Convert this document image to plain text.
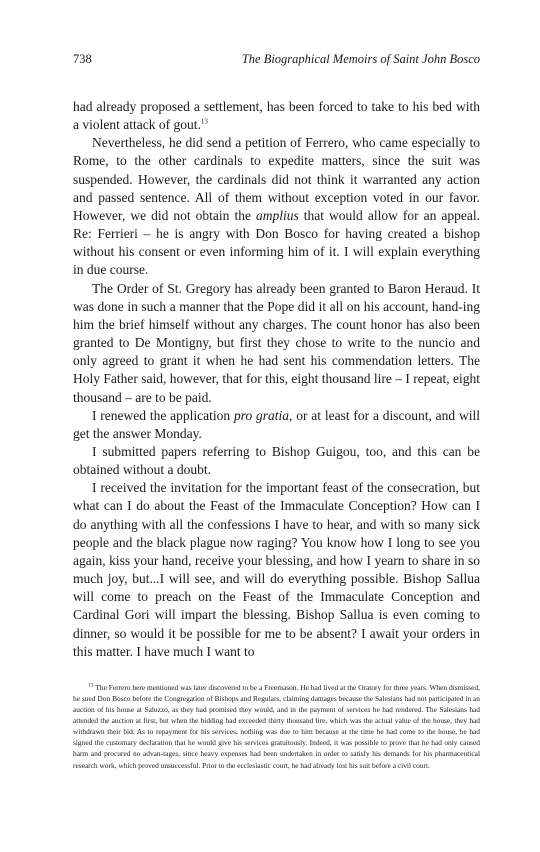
738	The Biographical Memoirs of Saint John Bosco

had already proposed a settlement, has been forced to take to his bed with a violent attack of gout.$^{13}$

Nevertheless, he did send a petition of Ferrero, who came especially to Rome, to the other cardinals to expedite matters, since the suit was suspended. However, the cardinals did not think it warranted any action and passed sentence. All of them without exception voted in our favor. However, we did not obtain the amplius that would allow for an appeal. Re: Ferrieri – he is angry with Don Bosco for having created a bishop without his consent or even informing him of it. I will explain everything in due course.

The Order of St. Gregory has already been granted to Baron Heraud. It was done in such a manner that the Pope did it all on his account, hand-ing him the brief himself without any charges. The count honor has also been granted to De Montigny, but first they chose to write to the nuncio and only agreed to grant it when he had sent his commendation letters. The Holy Father said, however, that for this, eight thousand lire – I repeat, eight thousand – are to be paid.

I renewed the application pro gratia, or at least for a discount, and will get the answer Monday.

I submitted papers referring to Bishop Guigou, too, and this can be obtained without a doubt.

I received the invitation for the important feast of the consecration, but what can I do about the Feast of the Immaculate Conception? How can I do anything with all the confessions I have to hear, and with so many sick people and the black plague now raging? You know how I long to see you again, kiss your hand, receive your blessing, and how I yearn to share in so much joy, but...I will see, and will do everything possible. Bishop Sallua will come to preach on the Feast of the Immaculate Conception and Cardinal Gori will impart the blessing. Bishop Sallua is even coming to dinner, so would it be possible for me to be absent? I await your orders in this matter. I have much I want to

$^{13}$ The Ferrero here mentioned was later discovered to be a Freemason. He had lived at the Oratory for three years. When dismissed, he sued Don Bosco before the Congregation of Bishops and Regulars, claiming damages because the Salesians had not participated in an auction of his house at Saluzzo, as they had promised they would, and in the payment of services he had rendered. The Salesians had attended the auction at first, but when the bidding had exceeded thirty thousand lire, which was the actual value of the house, they had withdrawn their bid. As to repayment for his services, nothing was due to him because at the time he had come to the house, he had signed the customary declaration that he would give his services gratuitously. Indeed, it was possible to prove that he had only caused harm and procured no advan-tages, since heavy expenses had been undertaken in order to satisfy his demands for his pharmaceutical research work, which proved unsuccessful. Prior to the ecclesiastic court, he had already lost his suit before a civil court.
